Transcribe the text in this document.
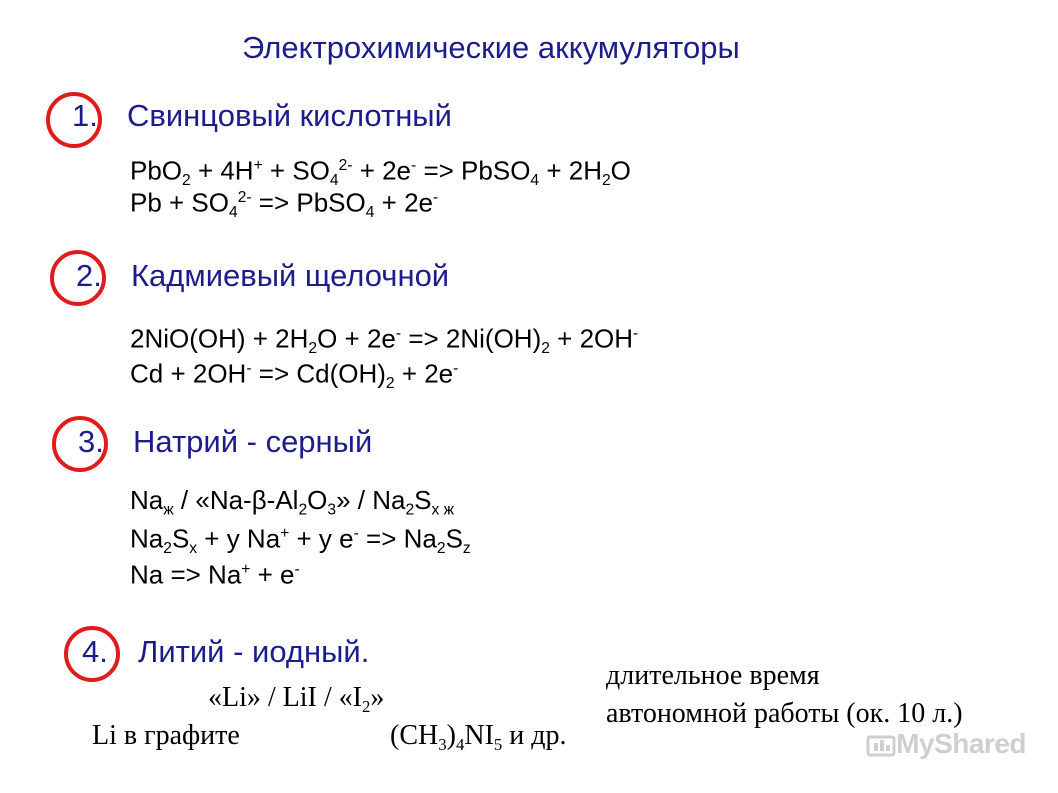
Электрохимические аккумуляторы
1. Свинцовый кислотный
$PbO_2 + 4H^+ + SO_4^{2-} + 2e^-$ => PbSO$_4$ + $2H_2O$
$Pb + SO_4^{2-}$ => PbSO$_4$ + 2e-
2. Кадмиевый щелочной
$2NiO(OH) + 2H_2O + 2e^- => 2Ni(OH)_2 + 2OH^-$
$Cd + 2OH^- => Cd(OH)_2 + 2e^-$
3. Натрий - серный
$Na_ж$ / «$Na-\beta-Al_2O_3$» / $Na_2S_{x ж}$
$Na_2S_x + y$ Na+ + y $e^- => Na_2S_z$
Na => Na+ + e-
4. Литий - иодный.
«Li» / LiI / «$I_2$»
Li в графите	$(CH_3)_4NI_5$ и др.
длительное время
автономной работы (ок. 10 л.)
MyShared
